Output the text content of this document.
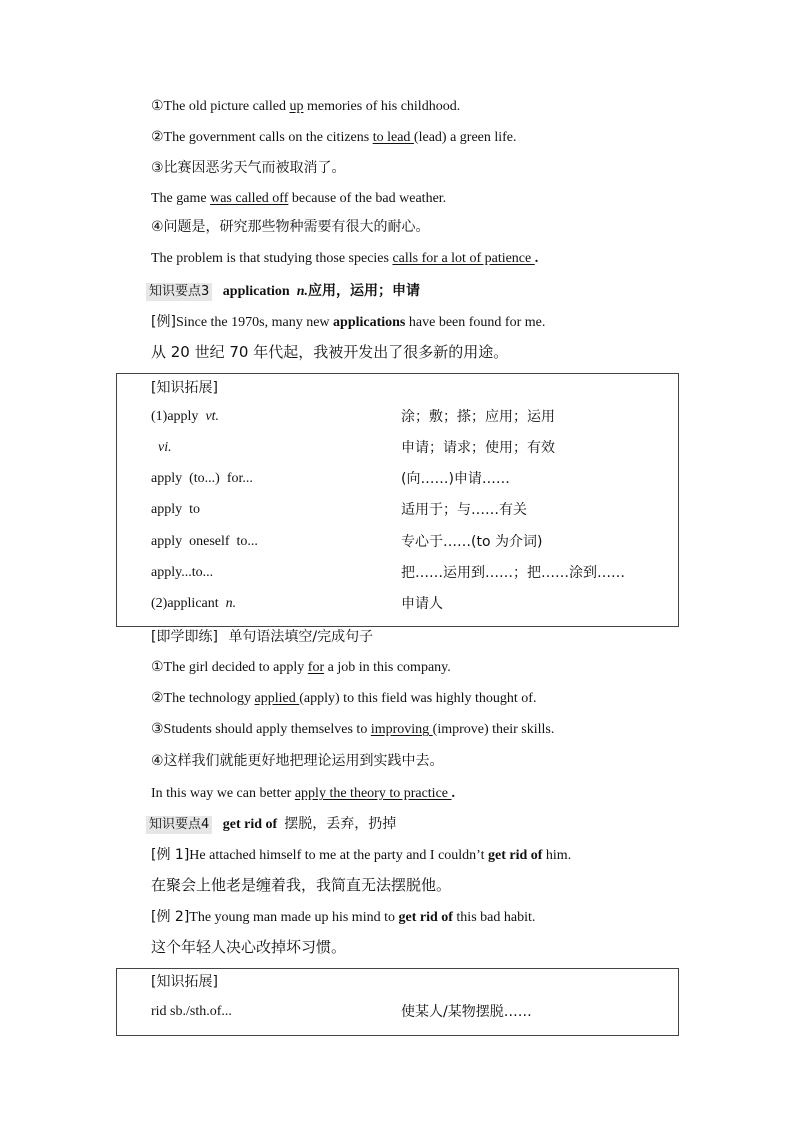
①The old picture called up memories of his childhood.
②The government calls on the citizens to lead (lead) a green life.
③比赛因恶劣天气而被取消了。
The game was called off because of the bad weather.
④问题是，研究那些物种需要有很大的耐心。
The problem is that studying those species calls for a lot of patience .
知识要点3 application n.应用，运用；申请
[例]Since the 1970s, many new applications have been found for me.
从 20 世纪 70 年代起，我被开发出了很多新的用途。
[知识拓展]
(1)apply  vt.	涂；敷；搽；应用；运用
vi.	申请；请求；使用；有效
apply  (to...)  for...	(向……)申请……
apply  to	适用于；与……有关
apply  oneself  to...	专心于……(to 为介词)
apply...to...	把……运用到……；把……涂到……
(2)applicant  n.	申请人
[即学即练] 单句语法填空/完成句子
①The girl decided to apply for a job in this company.
②The technology applied (apply) to this field was highly thought of.
③Students should apply themselves to improving (improve) their skills.
④这样我们就能更好地把理论运用到实践中去。
In this way we can better apply the theory to practice .
知识要点4 get rid of 摆脱，丢弃，扔掉
[例 1]He attached himself to me at the party and I couldn’t get rid of him.
在聚会上他老是缠着我，我简直无法摆脱他。
[例 2]The young man made up his mind to get rid of this bad habit.
这个年轻人决心改掉坏习惯。
[知识拓展]
rid sb./sth.of...	使某人/某物摆脱……
